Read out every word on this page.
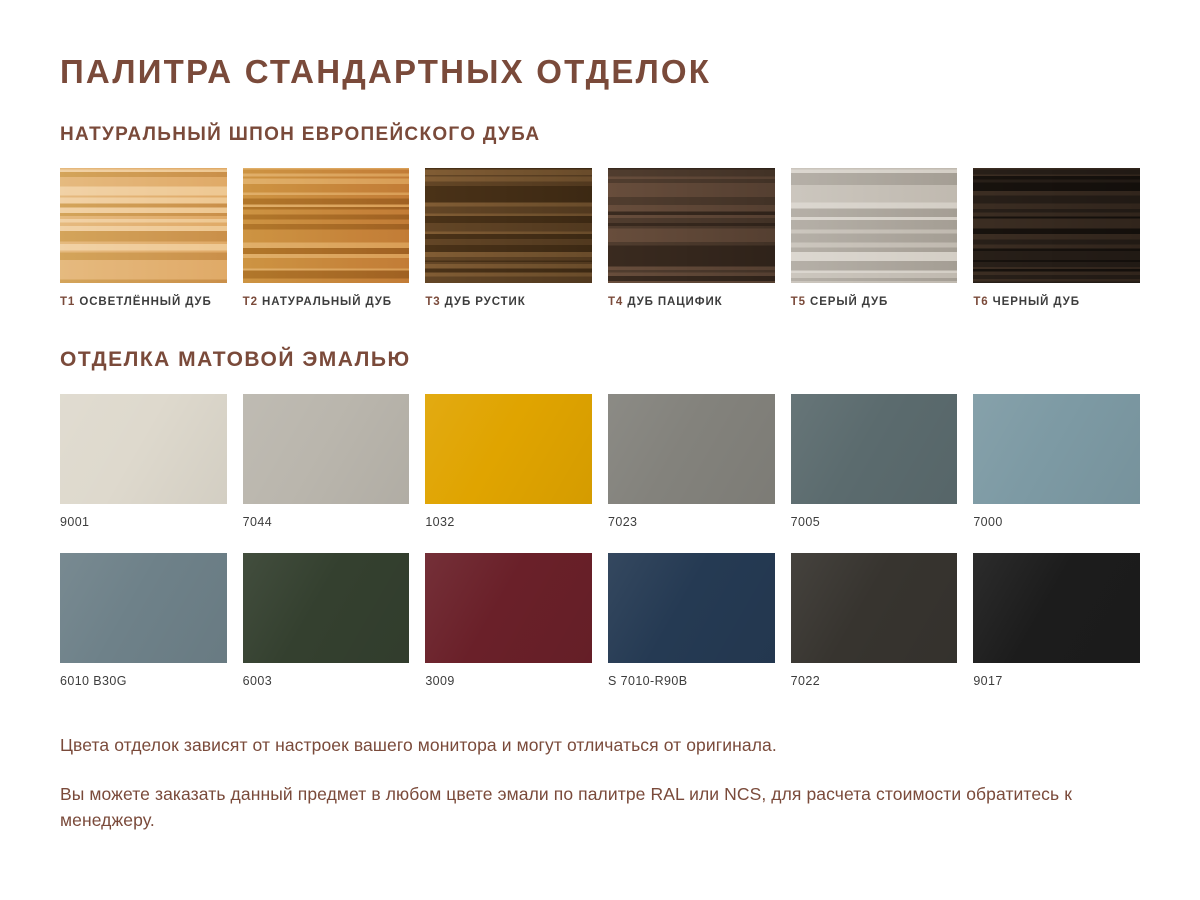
ПАЛИТРА СТАНДАРТНЫХ ОТДЕЛОК
НАТУРАЛЬНЫЙ ШПОН ЕВРОПЕЙСКОГО ДУБА
T1 ОСВЕТЛЁННЫЙ ДУБ	T2 НАТУРАЛЬНЫЙ ДУБ	T3 ДУБ РУСТИК	T4 ДУБ ПАЦИФИК	T5 СЕРЫЙ ДУБ	T6 ЧЕРНЫЙ ДУБ
ОТДЕЛКА МАТОВОЙ ЭМАЛЬЮ
9001	7044	1032	7023	7005	7000
6010 B30G	6003	3009	S 7010-R90B	7022	9017

Цвета отделок зависят от настроек вашего монитора и могут отличаться от оригинала.

Вы можете заказать данный предмет в любом цвете эмали по палитре RAL или NCS, для расчета стоимости обратитесь к менеджеру.
